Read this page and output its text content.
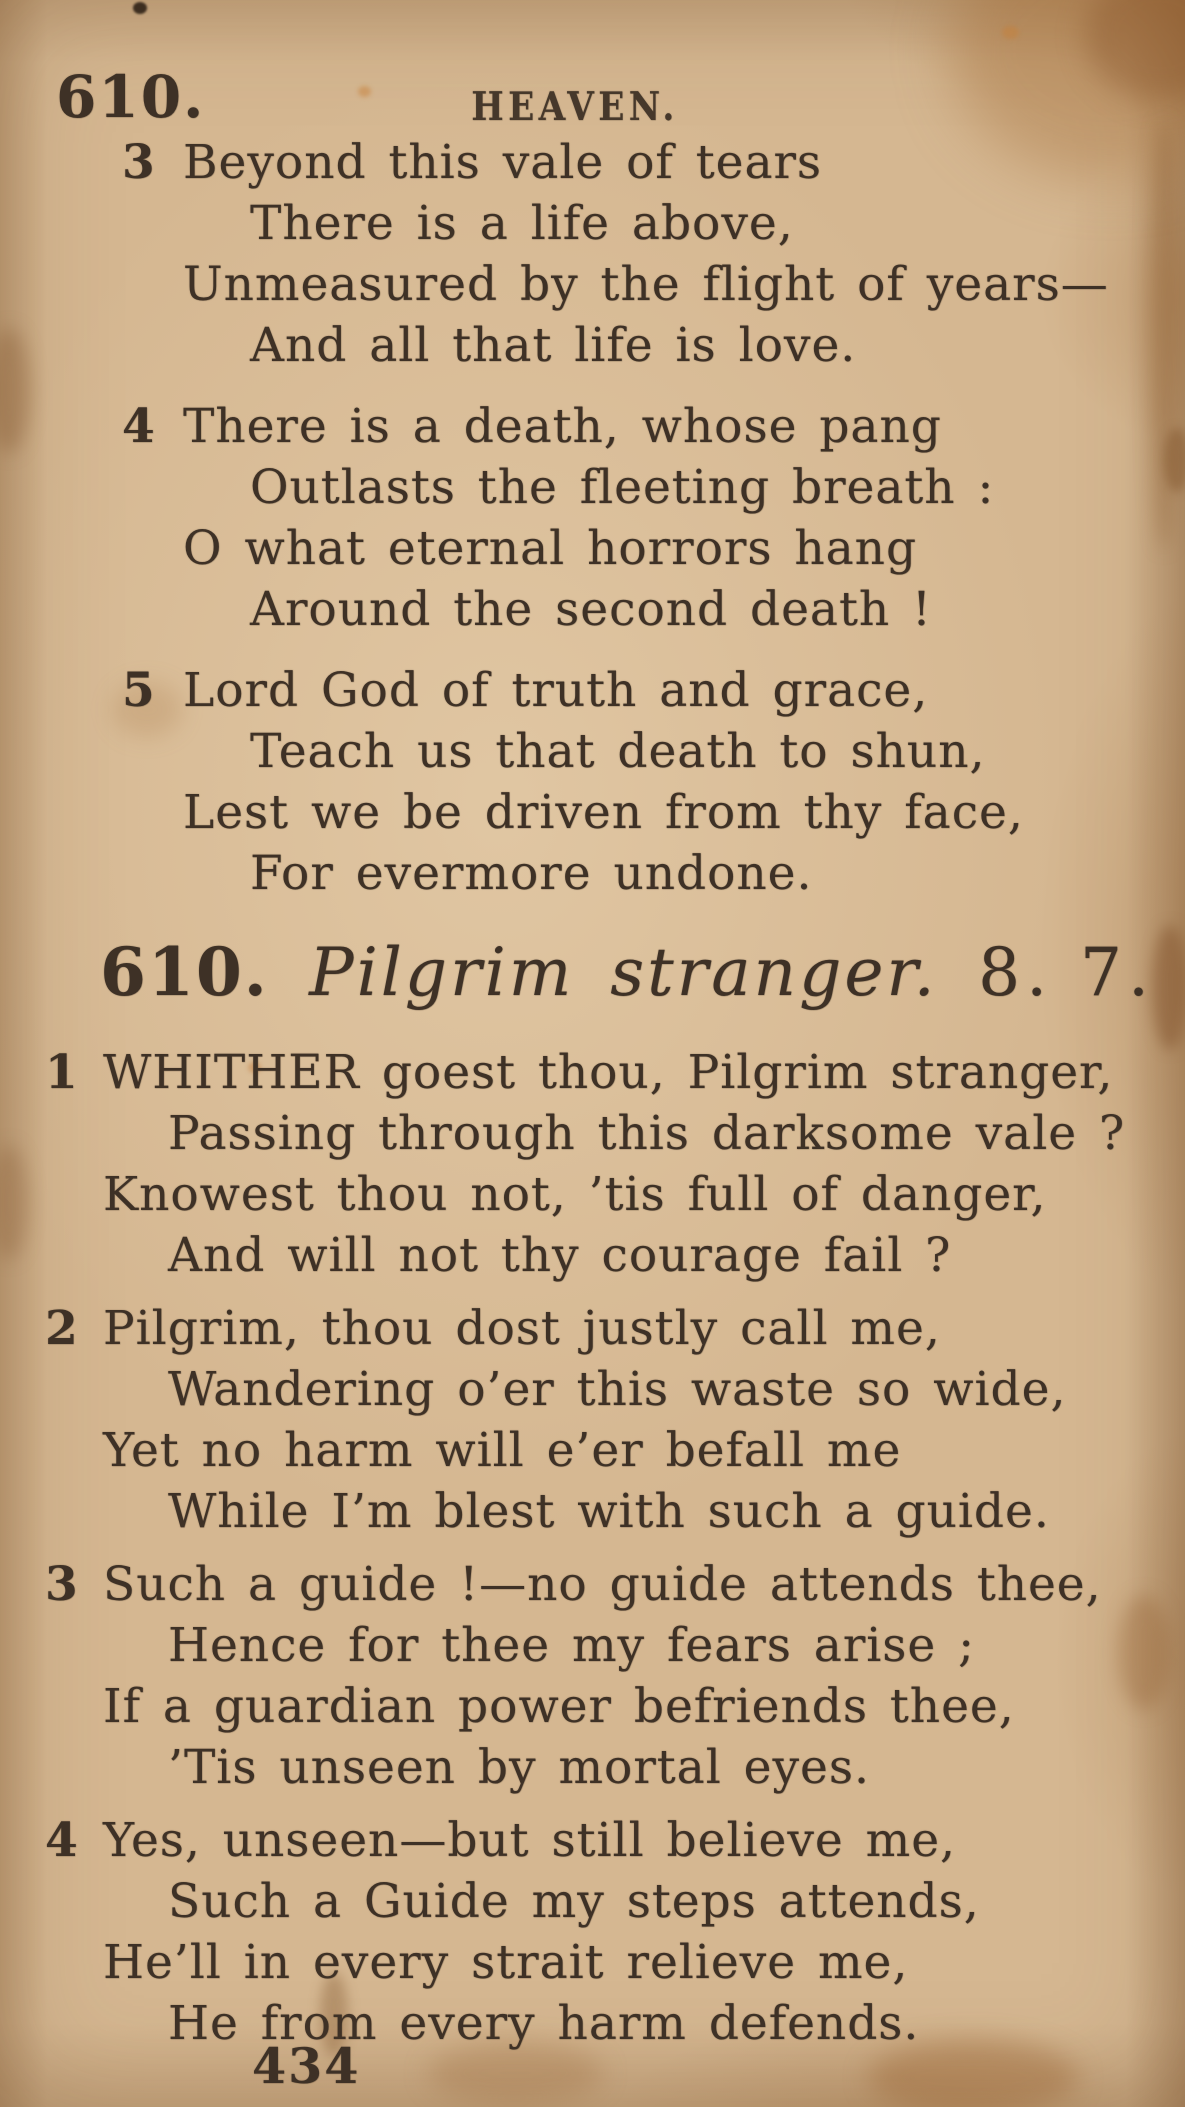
610.	HEAVEN.
3 Beyond this vale of tears
There is a life above,
Unmeasured by the flight of years—
And all that life is love.
4 There is a death, whose pang
Outlasts the fleeting breath :
O what eternal horrors hang
Around the second death !
5 Lord God of truth and grace,
Teach us that death to shun,
Lest we be driven from thy face,
For evermore undone.
610. Pilgrim stranger. 8. 7.
1 WHITHER goest thou, Pilgrim stranger,
Passing through this darksome vale ?
Knowest thou not, ’tis full of danger,
And will not thy courage fail ?
2 Pilgrim, thou dost justly call me,
Wandering o’er this waste so wide,
Yet no harm will e’er befall me
While I’m blest with such a guide.
3 Such a guide !—no guide attends thee,
Hence for thee my fears arise ;
If a guardian power befriends thee,
’Tis unseen by mortal eyes.
4 Yes, unseen—but still believe me,
Such a Guide my steps attends,
He’ll in every strait relieve me,
He from every harm defends.
434
